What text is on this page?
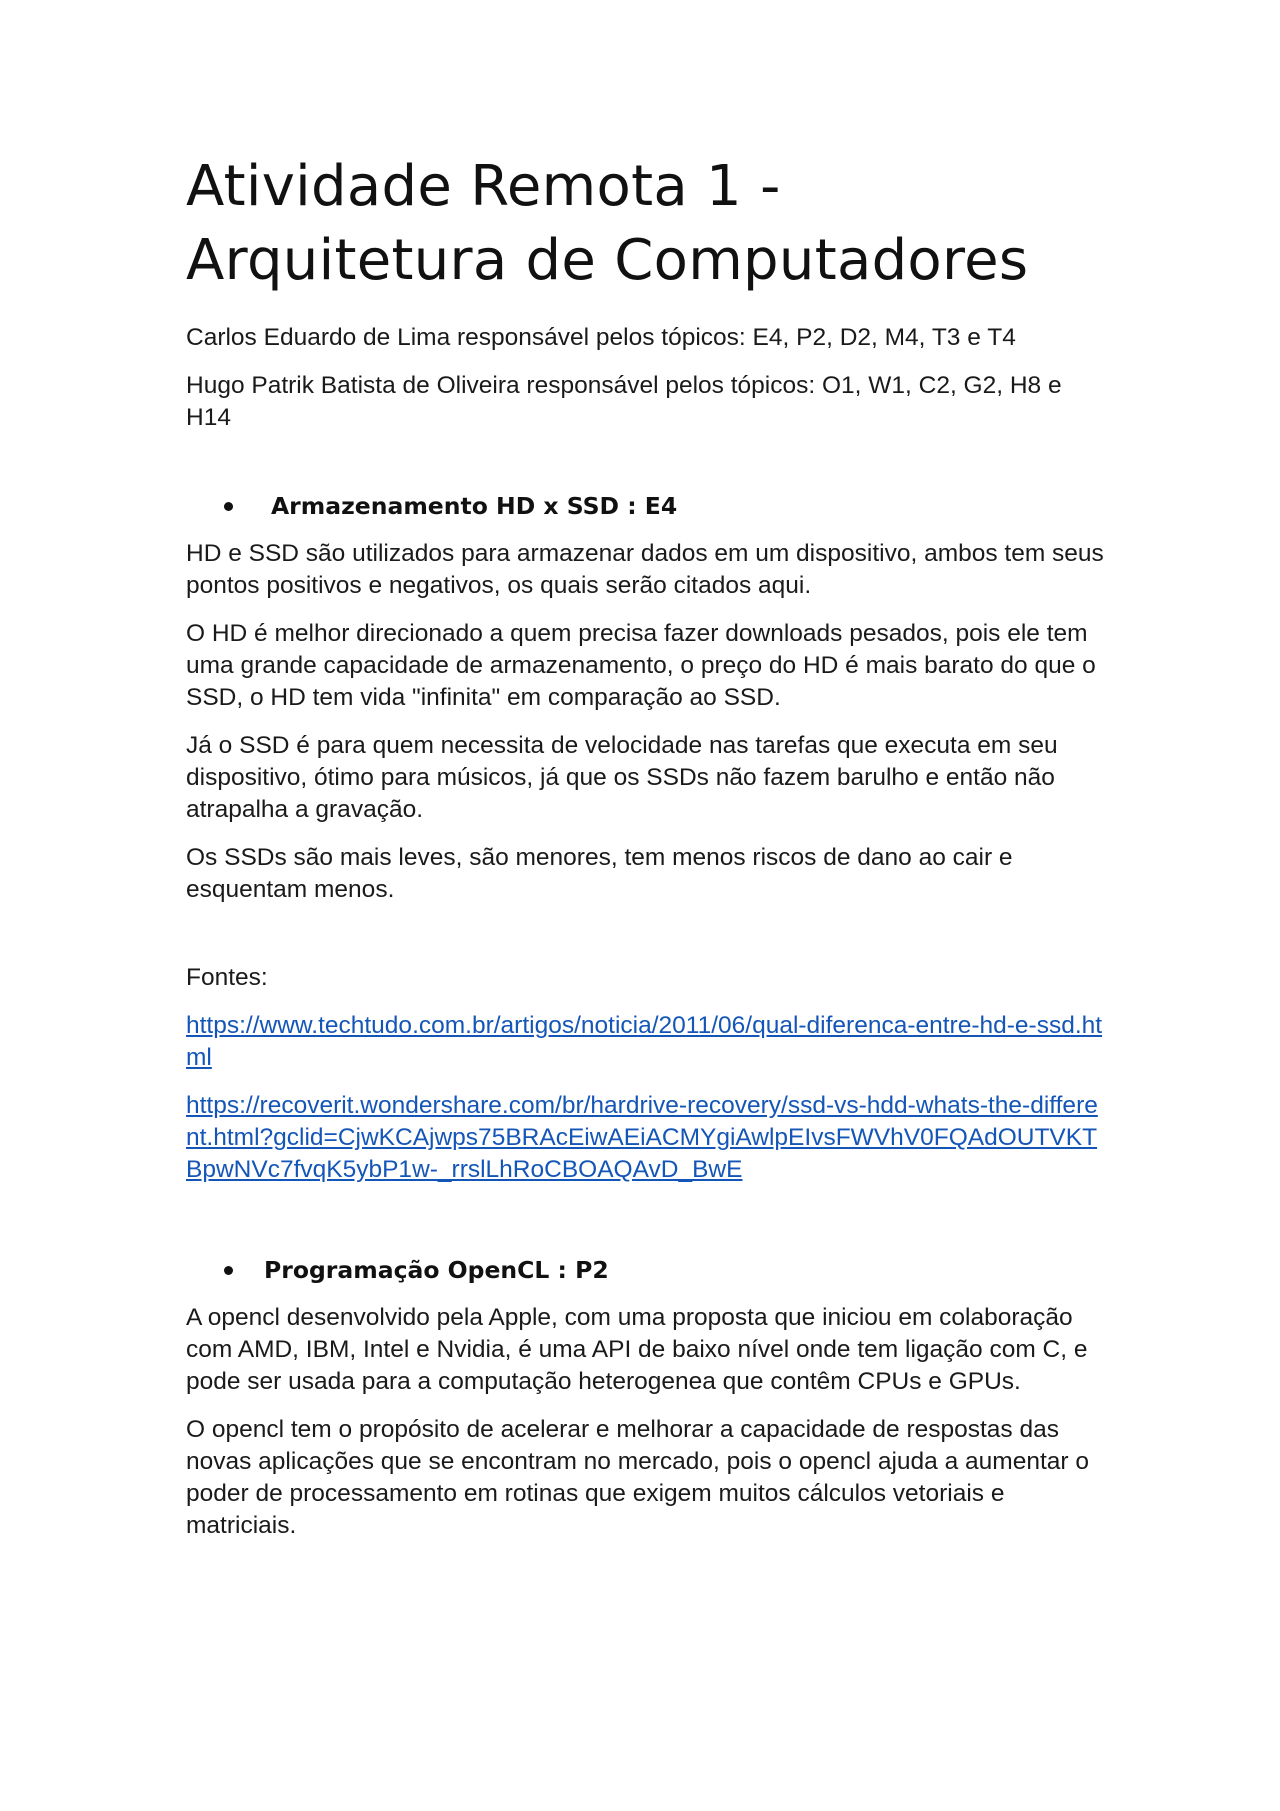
Atividade Remota 1 - Arquitetura de Computadores

Carlos Eduardo de Lima responsável pelos tópicos: E4, P2, D2, M4, T3 e T4

Hugo Patrik Batista de Oliveira responsável pelos tópicos: O1, W1, C2, G2, H8 e H14

Armazenamento HD x SSD : E4

HD e SSD são utilizados para armazenar dados em um dispositivo, ambos tem seus pontos positivos e negativos, os quais serão citados aqui.

O HD é melhor direcionado a quem precisa fazer downloads pesados, pois ele tem uma grande capacidade de armazenamento, o preço do HD é mais barato do que o SSD, o HD tem vida "infinita" em comparação ao SSD.

Já o SSD é para quem necessita de velocidade nas tarefas que executa em seu dispositivo, ótimo para músicos, já que os SSDs não fazem barulho e então não atrapalha a gravação.

Os SSDs são mais leves, são menores, tem menos riscos de dano ao cair e esquentam menos.

Fontes:

https://www.techtudo.com.br/artigos/noticia/2011/06/qual-diferenca-entre-hd-e-ssd.html
https://recoverit.wondershare.com/br/hardrive-recovery/ssd-vs-hdd-whats-the-different.html?gclid=CjwKCAjwps75BRAcEiwAEiACMYgiAwlpEIvsFWVhV0FQAdOUTVKTBpwNVc7fvqK5ybP1w-_rrslLhRoCBOAQAvD_BwE
Programação OpenCL : P2

A opencl desenvolvido pela Apple, com uma proposta que iniciou em colaboração com AMD, IBM, Intel e Nvidia, é uma API de baixo nível onde tem ligação com C, e pode ser usada para a computação heterogenea que contêm CPUs e GPUs.

O opencl tem o propósito de acelerar e melhorar a capacidade de respostas das novas aplicações que se encontram no mercado, pois o opencl ajuda a aumentar o poder de processamento em rotinas que exigem muitos cálculos vetoriais e matriciais.
